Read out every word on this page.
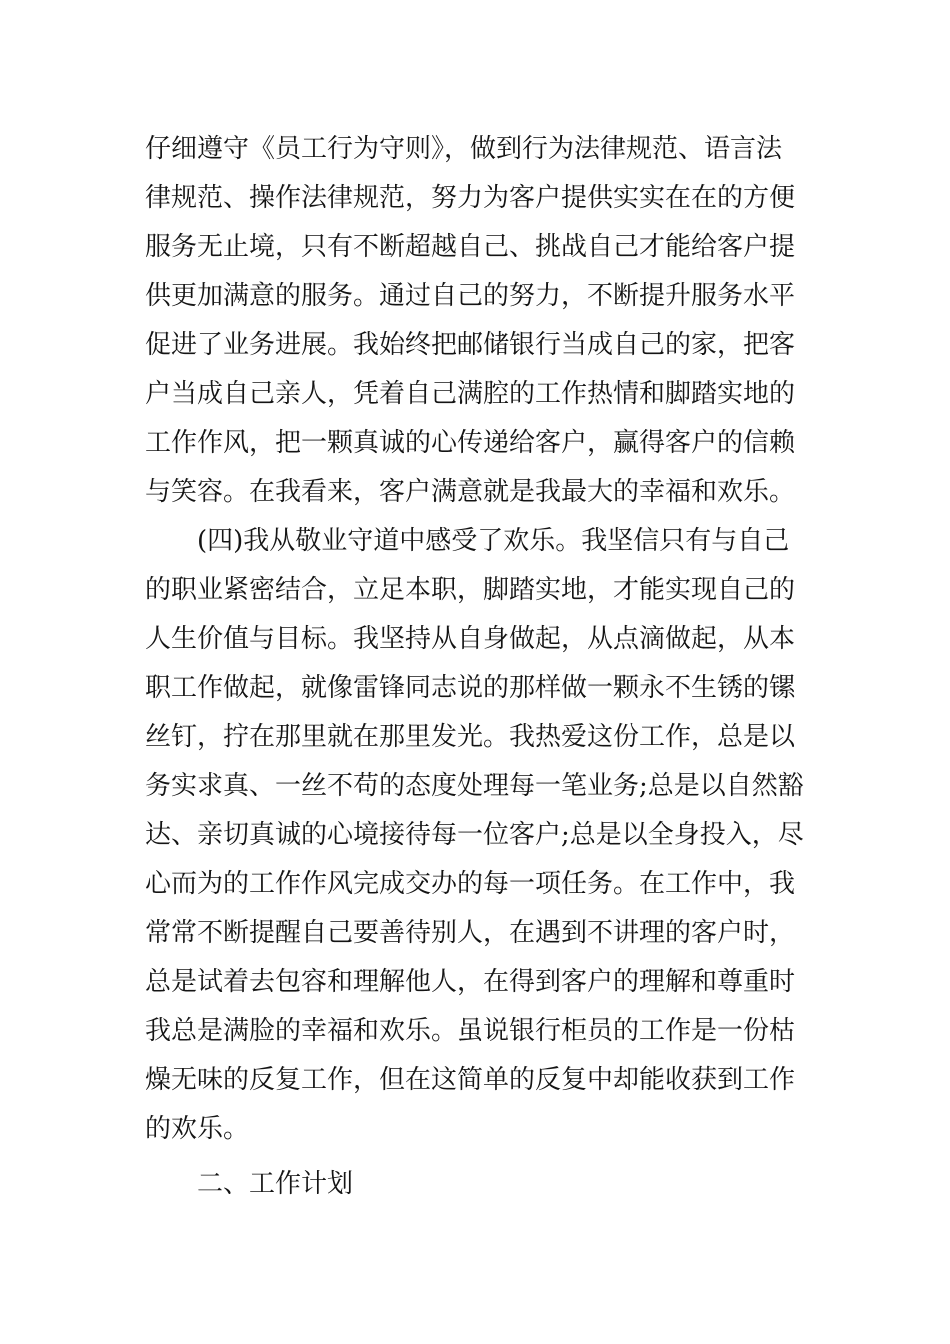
仔细遵守《员工行为守则》，做到行为法律规范、语言法

律规范、操作法律规范，努力为客户提供实实在在的方便

服务无止境，只有不断超越自己、挑战自己才能给客户提

供更加满意的服务。通过自己的努力，不断提升服务水平

促进了业务进展。我始终把邮储银行当成自己的家，把客

户当成自己亲人，凭着自己满腔的工作热情和脚踏实地的

工作作风，把一颗真诚的心传递给客户，赢得客户的信赖

与笑容。在我看来，客户满意就是我最大的幸福和欢乐。

(四)我从敬业守道中感受了欢乐。我坚信只有与自己

的职业紧密结合，立足本职，脚踏实地，才能实现自己的

人生价值与目标。我坚持从自身做起，从点滴做起，从本

职工作做起，就像雷锋同志说的那样做一颗永不生锈的镙

丝钉，拧在那里就在那里发光。我热爱这份工作，总是以

务实求真、一丝不苟的态度处理每一笔业务;总是以自然豁

达、亲切真诚的心境接待每一位客户;总是以全身投入，尽

心而为的工作作风完成交办的每一项任务。在工作中，我

常常不断提醒自己要善待别人，在遇到不讲理的客户时，

总是试着去包容和理解他人，在得到客户的理解和尊重时

我总是满脸的幸福和欢乐。虽说银行柜员的工作是一份枯

燥无味的反复工作，但在这简单的反复中却能收获到工作

的欢乐。

二、工作计划
